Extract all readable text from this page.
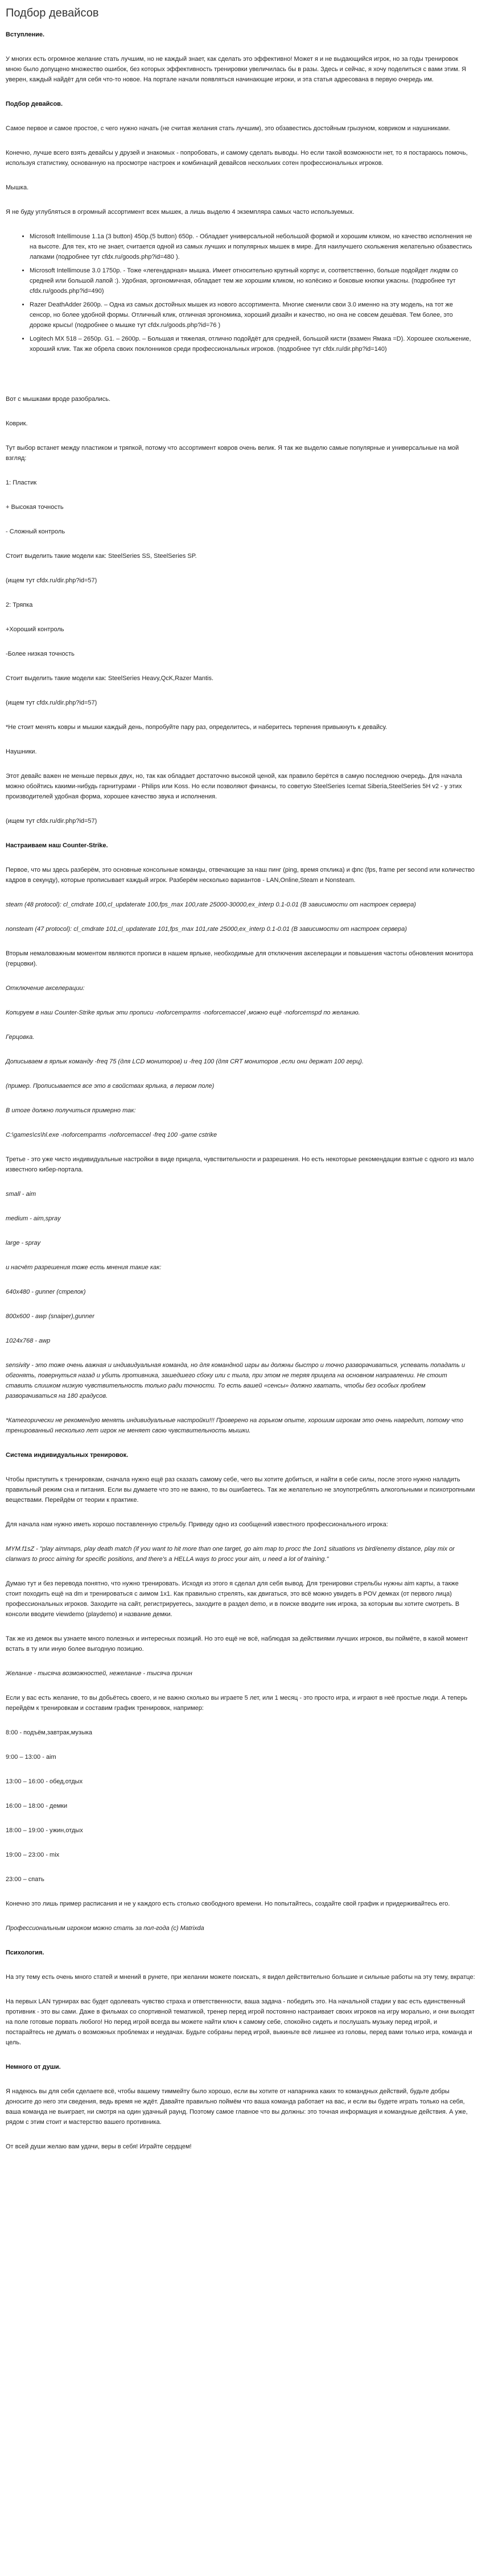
Подбор девайсов

Вступление.

У многих есть огромное желание стать лучшим, но не каждый знает, как сделать это эффективно! Может я и не выдающийся игрок, но за годы тренировок мною было допущено множество ошибок, без которых эффективность тренировки увеличилась бы в разы. Здесь и сейчас, я хочу поделиться с вами этим. Я уверен, каждый найдёт для себя что-то новое. На портале начали появляться начинающие игроки, и эта статья адресована в первую очередь им.

Подбор девайсов.

Самое первое и самое простое, с чего нужно начать (не считая желания стать лучшим), это обзавестись достойным грызуном, ковриком и наушниками.

Конечно, лучше всего взять девайсы у друзей и знакомых - попробовать, и самому сделать выводы. Но если такой возможности нет, то я постараюсь помочь, используя статистику, основанную на просмотре настроек и комбинаций девайсов нескольких сотен профессиональных игроков.

Мышка.

Я не буду углубляться в огромный ассортимент всех мышек, а лишь выделю 4 экземпляра самых часто используемых.

• Microsoft Intellimouse 1.1a (3 button) 450р.(5 button) 650р. - Обладает универсальной небольшой формой и хорошим кликом, но качество исполнения не на высоте. Для тех, кто не знает, считается одной из самых лучших и популярных мышек в мире. Для наилучшего скольжения желательно обзавестись лапками (подробнее тут cfdx.ru/goods.php?id=480 ).
• Microsoft Intellimouse 3.0 1750р. - Тоже «легендарная» мышка. Имеет относительно крупный корпус и, соответственно, больше подойдет людям со средней или большой лапой :). Удобная, эргономичная, обладает тем же хорошим кликом, но колёсико и боковые кнопки ужасны. (подробнее тут cfdx.ru/goods.php?id=490)
• Razer DeathAdder 2600р. – Одна из самых достойных мышек из нового ассортимента. Многие сменили свои 3.0 именно на эту модель, на тот же сенсор, но более удобной формы. Отличный клик, отличная эргономика, хороший дизайн и качество, но она не совсем дешёвая. Тем более, это дороже крысы! (подробнее о мышке тут cfdx.ru/goods.php?id=76 )
• Logitech MX 518 – 2650р. G1. – 2600р. – Большая и тяжелая, отлично подойдёт для средней, большой кисти (взамен Ямака =D). Хорошее скольжение, хороший клик. Так же обрела своих поклонников среди профессиональных игроков. (подробнее тут cfdx.ru/dir.php?id=140)

Вот с мышками вроде разобрались.

Коврик.

Тут выбор встанет между пластиком и тряпкой, потому что ассортимент ковров очень велик. Я так же выделю самые популярные и универсальные на мой взгляд:

1: Пластик

+ Высокая точность

- Сложный контроль

Стоит выделить такие модели как: SteelSeries SS, SteelSeries SP.

(ищем тут cfdx.ru/dir.php?id=57)

2: Тряпка

+Хороший контроль

-Более низкая точность

Стоит выделить такие модели как: SteelSeries Heavy,QcK,Razer Mantis.

(ищем тут cfdx.ru/dir.php?id=57)

*Не стоит менять ковры и мышки каждый день, попробуйте пару раз, определитесь, и наберитесь терпения привыкнуть к девайсу.

Наушники.

Этот девайс важен не меньше первых двух, но, так как обладает достаточно высокой ценой, как правило берётся в самую последнюю очередь. Для начала можно обойтись какими-нибудь гарнитурами - Philips или Koss. Но если позволяют финансы, то советую SteelSeries Icemat Siberia,SteelSeries 5H v2 - у этих производителей удобная форма, хорошее качество звука и исполнения.

(ищем тут cfdx.ru/dir.php?id=57)

Настраиваем наш Counter-Strike.

Первое, что мы здесь разберём, это основные консольные команды, отвечающие за наш пинг (ping, время отклика) и фпс (fps, frame per second или количество кадров в секунду), которые прописывает каждый игрок. Разберём несколько вариантов - LAN,Online,Steam и Nonsteam.

steam (48 protocol): cl_cmdrate 100,cl_updaterate 100,fps_max 100,rate 25000-30000,ex_interp 0.1-0.01 (В зависимости от настроек сервера)

nonsteam (47 protocol): cl_cmdrate 101,cl_updaterate 101,fps_max 101,rate 25000,ex_interp 0.1-0.01 (В зависимости от настроек сервера)

Вторым немаловажным моментом являются прописи в нашем ярлыке, необходимые для отключения акселерации и повышения частоты обновления монитора (герцовки).

Отключение акселерации:

Копируем в наш Counter-Strike ярлык эти прописи -noforcemparms -noforcemaccel ,можно ещё -noforcemspd по желанию.

Герцовка.

Дописываем в ярлык команду -freq 75 (для LCD мониторов) и -freq 100 (для CRT мониторов ,если они держат 100 герц).

(пример. Прописывается все это в свойствах ярлыка, в первом поле)

В итоге должно получиться примерно так:

C:\games\cs\hl.exe -noforcemparms -noforcemaccel -freq 100 -game cstrike

Третье - это уже чисто индивидуальные настройки в виде прицела, чувствительности и разрешения. Но есть некоторые рекомендации взятые с одного из мало известного кибер-портала.

small - aim

medium - aim,spray

large - spray

и насчёт разрешения тоже есть мнения такие как:

640x480 - gunner (стрелок)

800x600 - awp (snaiper),gunner

1024x768 - awp

sensivity - это тоже очень важная и индивидуальная команда, но для командной игры вы должны быстро и точно разворачиваться, успевать попадать и обгонять, повернуться назад и убить противника, зашедшего сбоку или с тыла, при этом не теряя прицела на основном направлении. Не стоит ставить слишком низкую чувствительность только ради точности. То есть вашей «сенсы» должно хватать, чтобы без особых проблем разворачиваться на 180 градусов.

*Категорически не рекомендую менять индивидуальные настройки!!! Проверено на горьком опыте, хорошим игрокам это очень навредит, потому что тренированный несколько лет игрок не меняет свою чувствительность мышки.

Система индивидуальных тренировок.

Чтобы приступить к тренировкам, сначала нужно ещё раз сказать самому себе, чего вы хотите добиться, и найти в себе силы, после этого нужно наладить правильный режим сна и питания. Если вы думаете что это не важно, то вы ошибаетесь. Так же желательно не злоупотреблять алкогольными и психотропными веществами. Перейдём от теории к практике.

Для начала нам нужно иметь хорошо поставленную стрельбу. Приведу одно из сообщений известного профессионального игрока:

MYM.f1sZ - "play aimmaps, play death match (if you want to hit more than one target, go aim map to procc the 1on1 situations vs bird/enemy distance, play mix or clanwars to procc aiming for specific positions, and there's a HELLA ways to procc your aim, u need a lot of training."

Думаю тут и без перевода понятно, что нужно тренировать. Исходя из этого я сделал для себя вывод. Для тренировки стрельбы нужны aim карты, а также стоит походить ещё на dm и тренироваться с аимом 1х1. Как правильно стрелять, как двигаться, это всё можно увидеть в POV демках (от первого лица) профессиональных игроков. Заходите на сайт, регистрируетесь, заходите в раздел demo, и в поиске вводите ник игрока, за которым вы хотите смотреть. В консоли вводите viewdemo (playdemo) и название демки.

Так же из демок вы узнаете много полезных и интересных позиций. Но это ещё не всё, наблюдая за действиями лучших игроков, вы поймёте, в какой момент встать в ту или иную более выгодную позицию.

Желание - тысяча возможностей, нежелание - тысяча причин

Если у вас есть желание, то вы добьётесь своего, и не важно сколько вы играете 5 лет, или 1 месяц - это просто игра, и играют в неё простые люди. А теперь перейдём к тренировкам и составим график тренировок, например:

8:00 - подъём,завтрак,музыка

9:00 – 13:00 - aim

13:00 – 16:00 - обед,отдых

16:00 – 18:00 - демки

18:00 – 19:00 - ужин,отдых

19:00 – 23:00 - mix

23:00 – спать

Конечно это лишь пример расписания и не у каждого есть столько свободного времени. Но попытайтесь, создайте свой график и придерживайтесь его.

Профессиональным игроком можно стать за пол-года (с) Matrixda

Психология.

На эту тему есть очень много статей и мнений в рунете, при желании можете поискать, я видел действительно большие и сильные работы на эту тему, вкратце:

На первых LAN турнирах вас будет одолевать чувство страха и ответственности, ваша задача - победить это. На начальной стадии у вас есть единственный противник - это вы сами. Даже в фильмах со спортивной тематикой, тренер перед игрой постоянно настраивает своих игроков на игру морально, и они выходят на поле готовые порвать любого! Но перед игрой всегда вы можете найти ключ к самому себе, спокойно сидеть и послушать музыку перед игрой, и постарайтесь не думать о возможных проблемах и неудачах. Будьте собраны перед игрой, выкиньте всё лишнее из головы, перед вами только игра, команда и цель.

Немного от души.

Я надеюсь вы для себя сделаете всё, чтобы вашему тиммейту было хорошо, если вы хотите от напарника каких то командных действий, будьте добры доносите до него эти сведения, ведь время не ждёт. Давайте правильно поймём что ваша команда работает на вас, и если вы будете играть только на себя, ваша команда не выиграет, ни смотря на один удачный раунд. Поэтому самое главное что вы должны: это точная информация и командные действия. А уже, рядом с этим стоит и мастерство вашего противника.

От всей души желаю вам удачи, веры в себя! Играйте сердцем!
